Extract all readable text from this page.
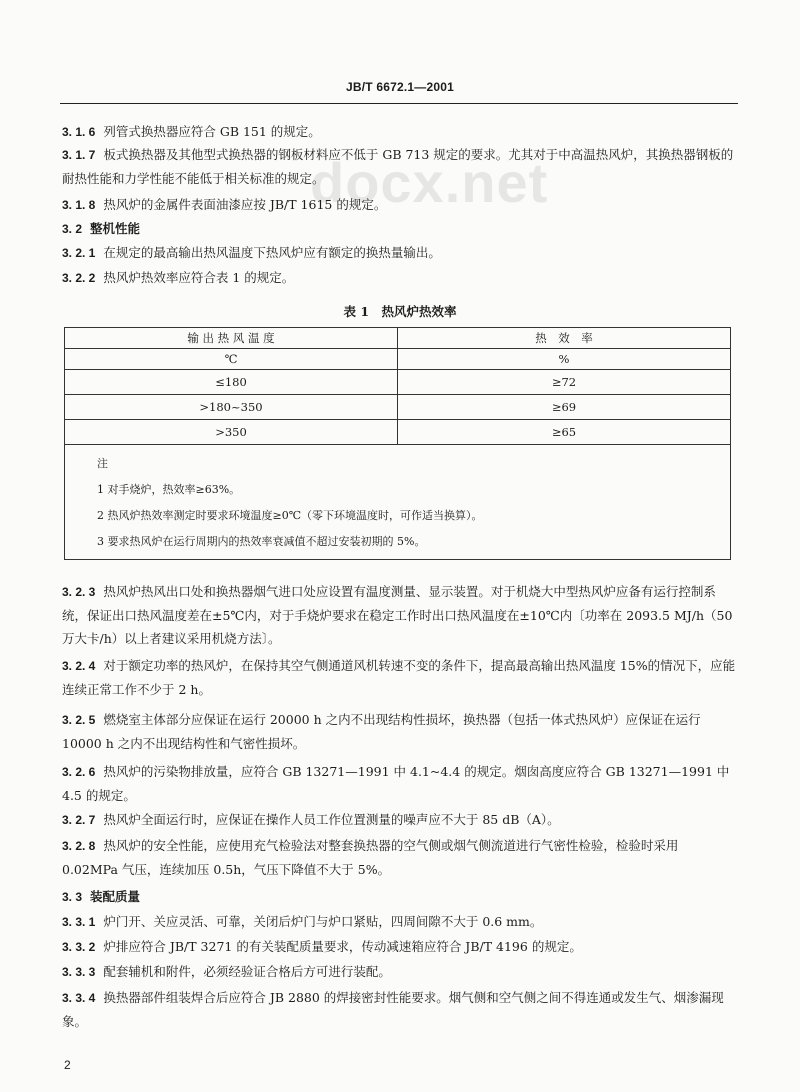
JB/T 6672.1—2001
docx.net
3. 1. 6 列管式换热器应符合 GB 151 的规定。
3. 1. 7 板式换热器及其他型式换热器的钢板材料应不低于 GB 713 规定的要求。尤其对于中高温热风炉，其换热器钢板的耐热性能和力学性能不能低于相关标准的规定。
3. 1. 8 热风炉的金属件表面油漆应按 JB/T 1615 的规定。
3. 2 整机性能
3. 2. 1 在规定的最高输出热风温度下热风炉应有额定的换热量输出。
3. 2. 2 热风炉热效率应符合表 1 的规定。
表 1　热风炉热效率
输 出 热 风 温 度	热　效　率
℃	%
≤180	≥72
>180~350	≥69
>350	≥65

注
1 对手烧炉，热效率≥63%。
2 热风炉热效率测定时要求环境温度≥0℃（零下环境温度时，可作适当换算）。
3 要求热风炉在运行周期内的热效率衰减值不超过安装初期的 5%。	
3. 2. 3 热风炉热风出口处和换热器烟气进口处应设置有温度测量、显示装置。对于机烧大中型热风炉应备有运行控制系统，保证出口热风温度差在±5℃内，对于手烧炉要求在稳定工作时出口热风温度在±10℃内〔功率在 2093.5 MJ/h（50 万大卡/h）以上者建议采用机烧方法〕。
3. 2. 4 对于额定功率的热风炉，在保持其空气侧通道风机转速不变的条件下，提高最高输出热风温度 15%的情况下，应能连续正常工作不少于 2 h。
3. 2. 5 燃烧室主体部分应保证在运行 20000 h 之内不出现结构性损坏，换热器（包括一体式热风炉）应保证在运行 10000 h 之内不出现结构性和气密性损坏。
3. 2. 6 热风炉的污染物排放量，应符合 GB 13271—1991 中 4.1~4.4 的规定。烟囱高度应符合 GB 13271—1991 中 4.5 的规定。
3. 2. 7 热风炉全面运行时，应保证在操作人员工作位置测量的噪声应不大于 85 dB（A）。
3. 2. 8 热风炉的安全性能，应使用充气检验法对整套换热器的空气侧或烟气侧流道进行气密性检验，检验时采用 0.02MPa 气压，连续加压 0.5h，气压下降值不大于 5%。
3. 3 装配质量
3. 3. 1 炉门开、关应灵活、可靠，关闭后炉门与炉口紧贴，四周间隙不大于 0.6 mm。
3. 3. 2 炉排应符合 JB/T 3271 的有关装配质量要求，传动减速箱应符合 JB/T 4196 的规定。
3. 3. 3 配套辅机和附件，必须经验证合格后方可进行装配。
3. 3. 4 换热器部件组装焊合后应符合 JB 2880 的焊接密封性能要求。烟气侧和空气侧之间不得连通或发生气、烟渗漏现象。
2
